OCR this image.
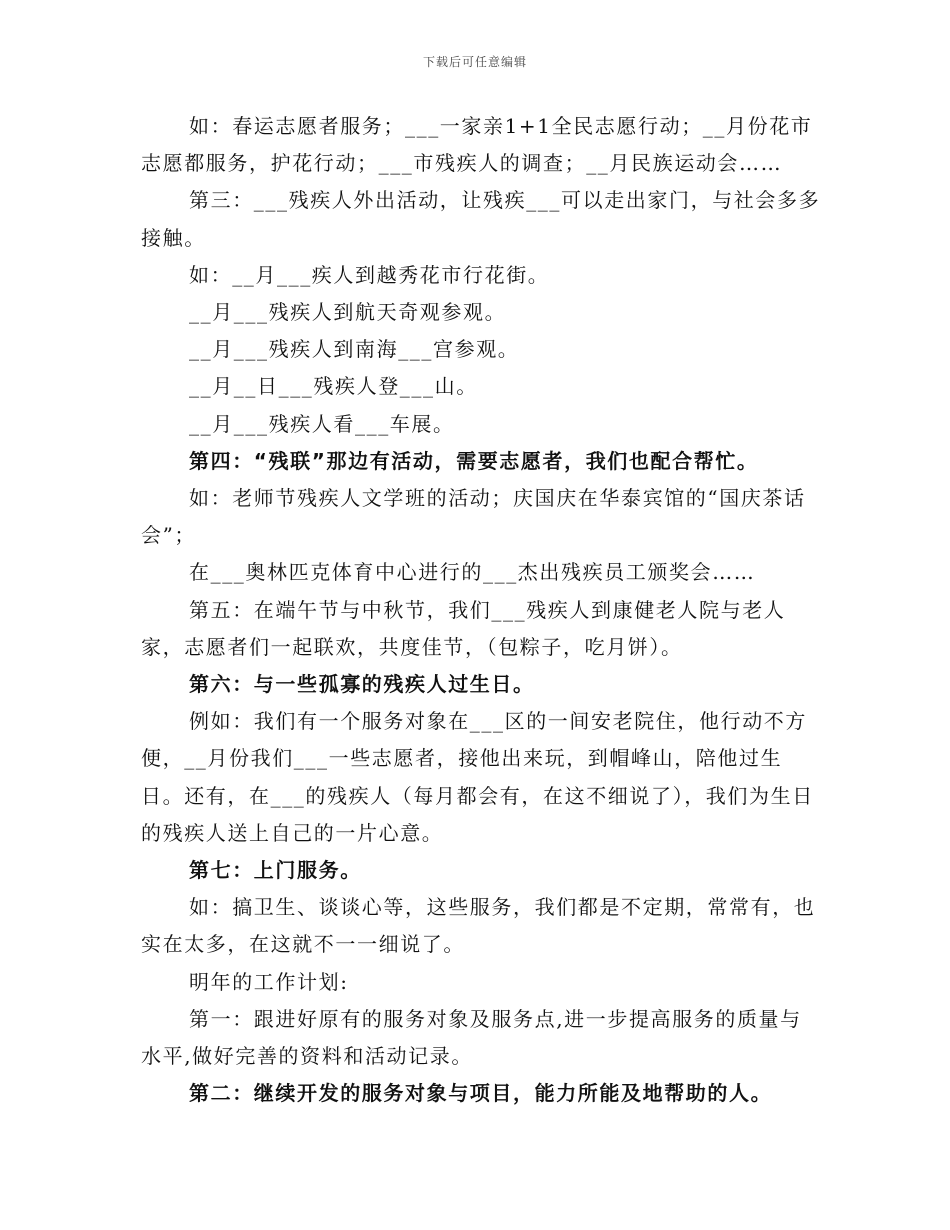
下载后可任意编辑

如：春运志愿者服务；___一家亲1+1全民志愿行动；__月份花市志愿都服务，护花行动；___市残疾人的调查；__月民族运动会……

第三：___残疾人外出活动，让残疾___可以走出家门，与社会多多接触。

如：__月___疾人到越秀花市行花街。

__月___残疾人到航天奇观参观。

__月___残疾人到南海___宫参观。

__月__日___残疾人登___山。

__月___残疾人看___车展。

第四：“残联”那边有活动，需要志愿者，我们也配合帮忙。

如：老师节残疾人文学班的活动；庆国庆在华泰宾馆的“国庆茶话会”；

在___奥林匹克体育中心进行的___杰出残疾员工颁奖会……

第五：在端午节与中秋节，我们___残疾人到康健老人院与老人家，志愿者们一起联欢，共度佳节，（包粽子，吃月饼）。

第六：与一些孤寡的残疾人过生日。

例如：我们有一个服务对象在___区的一间安老院住，他行动不方便，__月份我们___一些志愿者，接他出来玩，到帽峰山，陪他过生日。还有，在___的残疾人（每月都会有，在这不细说了），我们为生日的残疾人送上自己的一片心意。

第七：上门服务。

如：搞卫生、谈谈心等，这些服务，我们都是不定期，常常有，也实在太多，在这就不一一细说了。

明年的工作计划:

第一：跟进好原有的服务对象及服务点,进一步提高服务的质量与水平,做好完善的资料和活动记录。

第二：继续开发的服务对象与项目，能力所能及地帮助的人。
